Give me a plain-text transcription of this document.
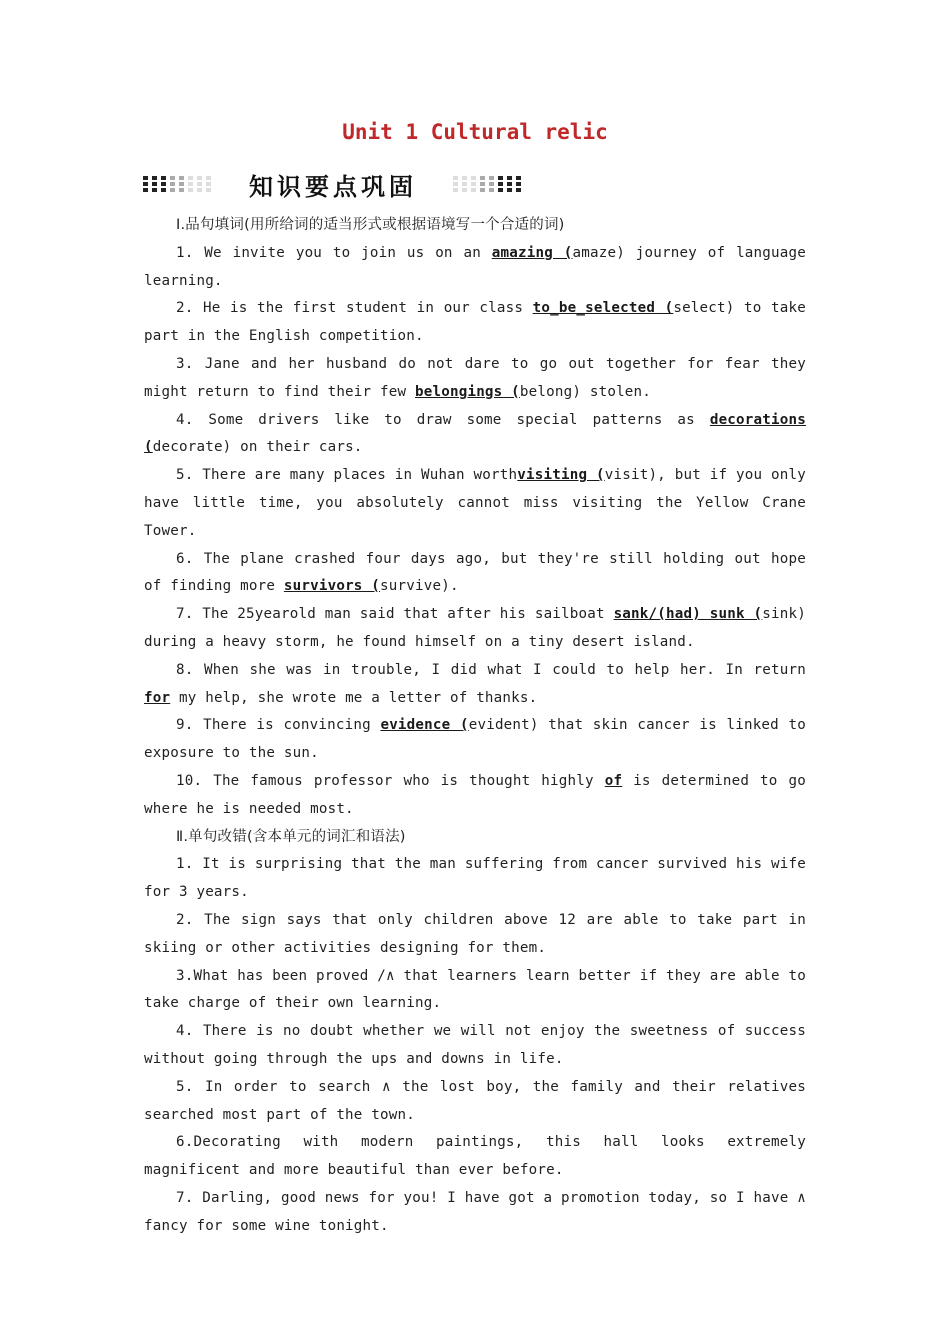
Unit 1 Cultural relic
知识要点巩固

Ⅰ.品句填词(用所给词的适当形式或根据语境写一个合适的词)

1. We invite you to join us on an amazing (amaze) journey of language learning.

2. He is the first student in our class to_be_selected (select) to take part in the English competition.

3. Jane and her husband do not dare to go out together for fear they might return to find their few belongings (belong) stolen.

4. Some drivers like to draw some special patterns as decorations (decorate) on their cars.

5. There are many places in Wuhan worthvisiting (visit), but if you only have little time, you absolutely cannot miss visiting the Yellow Crane Tower.

6. The plane crashed four days ago, but they're still holding out hope of finding more survivors (survive).

7. The 25yearold man said that after his sailboat sank/(had) sunk (sink) during a heavy storm, he found himself on a tiny desert island.

8. When she was in trouble, I did what I could to help her. In return for my help, she wrote me a letter of thanks.

9. There is convincing evidence (evident) that skin cancer is linked to exposure to the sun.

10. The famous professor who is thought highly of is determined to go where he is needed most.

Ⅱ.单句改错(含本单元的词汇和语法)

1. It is surprising that the man suffering from cancer survived his wife for 3 years.

2. The sign says that only children above 12 are able to take part in skiing or other activities designing for them.

3.What has been proved /∧ that learners learn better if they are able to take charge of their own learning.

4. There is no doubt whether we will not enjoy the sweetness of success without going through the ups and downs in life.

5. In order to search ∧ the lost boy, the family and their relatives searched most part of the town.

6.Decorating with modern paintings, this hall looks extremely magnificent and more beautiful than ever before.

7. Darling, good news for you! I have got a promotion today, so I have ∧ fancy for some wine tonight.
